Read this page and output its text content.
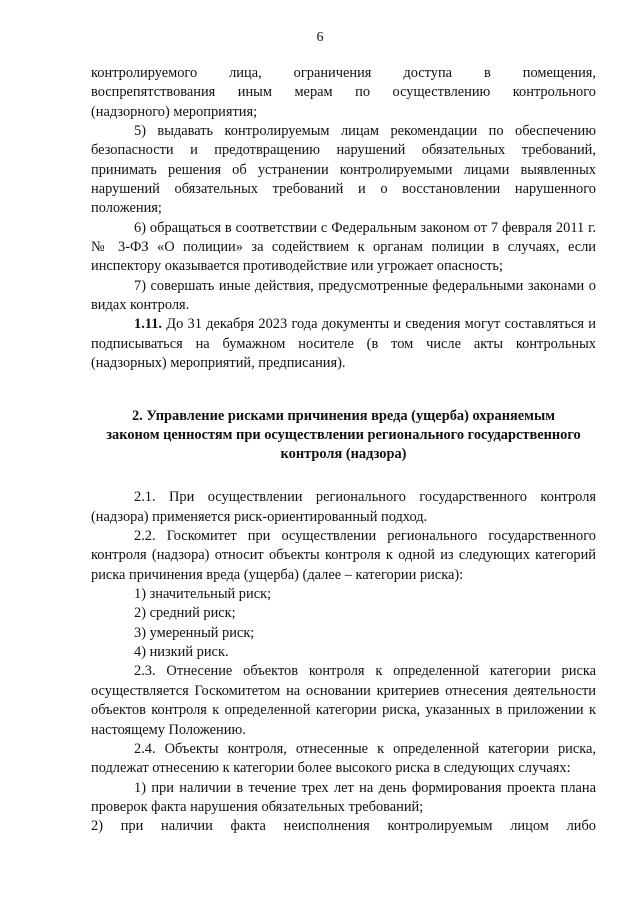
6

контролируемого лица, ограничения доступа в помещения,
воспрепятствования иным мерам по осуществлению контрольного
(надзорного) мероприятия;

5) выдавать контролируемым лицам рекомендации по обеспечению безопасности и предотвращению нарушений обязательных требований, принимать решения об устранении контролируемыми лицами выявленных нарушений обязательных требований и о восстановлении нарушенного положения;

6) обращаться в соответствии с Федеральным законом от 7 февраля 2011 г. № 3-ФЗ «О полиции» за содействием к органам полиции в случаях, если инспектору оказывается противодействие или угрожает опасность;

7) совершать иные действия, предусмотренные федеральными законами о видах контроля.

1.11. До 31 декабря 2023 года документы и сведения могут составляться и подписываться на бумажном носителе (в том числе акты контрольных (надзорных) мероприятий, предписания).

2. Управление рисками причинения вреда (ущерба) охраняемым
законом ценностям при осуществлении регионального государственного
контроля (надзора)

2.1. При осуществлении регионального государственного контроля (надзора) применяется риск-ориентированный подход.

2.2. Госкомитет при осуществлении регионального государственного контроля (надзора) относит объекты контроля к одной из следующих категорий риска причинения вреда (ущерба) (далее – категории риска):

1) значительный риск;

2) средний риск;

3) умеренный риск;

4) низкий риск.

2.3. Отнесение объектов контроля к определенной категории риска осуществляется Госкомитетом на основании критериев отнесения деятельности объектов контроля к определенной категории риска, указанных в приложении к настоящему Положению.

2.4. Объекты контроля, отнесенные к определенной категории риска, подлежат отнесению к категории более высокого риска в следующих случаях:

1) при наличии в течение трех лет на день формирования проекта плана проверок факта нарушения обязательных требований;

2) при наличии факта неисполнения контролируемым лицом либо
